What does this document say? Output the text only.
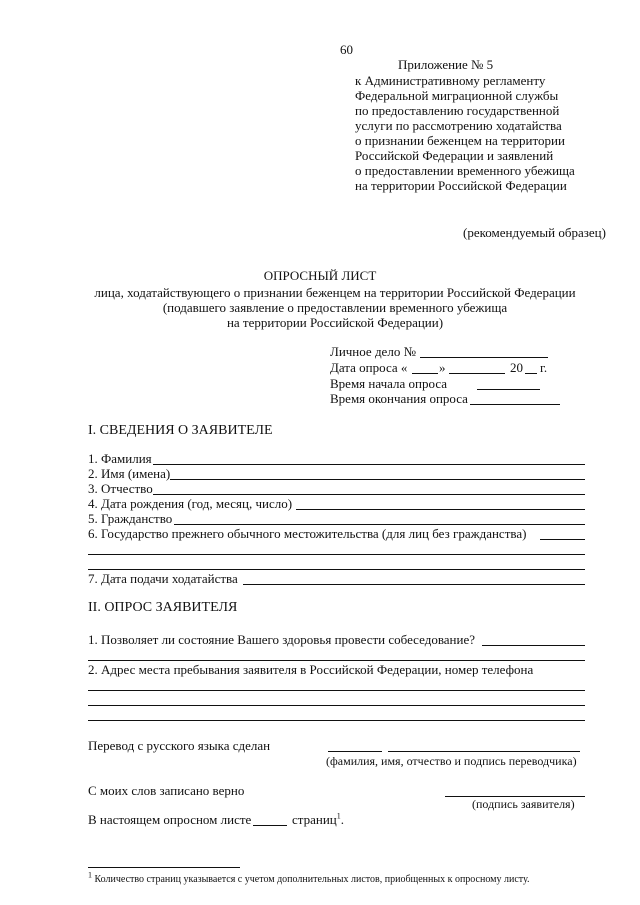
60
Приложение № 5
к Административному регламенту
Федеральной миграционной службы
по предоставлению государственной
услуги по рассмотрению ходатайства
о признании беженцем на территории
Российской Федерации и заявлений
о предоставлении временного убежища
на территории Российской Федерации
(рекомендуемый образец)
ОПРОСНЫЙ ЛИСТ
лица, ходатайствующего о признании беженцем на территории Российской Федерации
(подавшего заявление о предоставлении временного убежища
на территории Российской Федерации)
Личное дело №
Дата опроса « »	20 г.
Время начала опроса
Время окончания опроса
I. СВЕДЕНИЯ О ЗАЯВИТЕЛЕ
1. Фамилия
2. Имя (имена)
3. Отчество
4. Дата рождения (год, месяц, число)
5. Гражданство
6. Государство прежнего обычного местожительства (для лиц без гражданства)
7. Дата подачи ходатайства
II. ОПРОС ЗАЯВИТЕЛЯ
1. Позволяет ли состояние Вашего здоровья провести собеседование?
2. Адрес места пребывания заявителя в Российской Федерации, номер телефона
Перевод с русского языка сделан
(фамилия, имя, отчество и подпись переводчика)
С моих слов записано верно
(подпись заявителя)
В настоящем опросном листе	страниц$^1$.
$^1$ Количество страниц указывается с учетом дополнительных листов, приобщенных к опросному листу.
